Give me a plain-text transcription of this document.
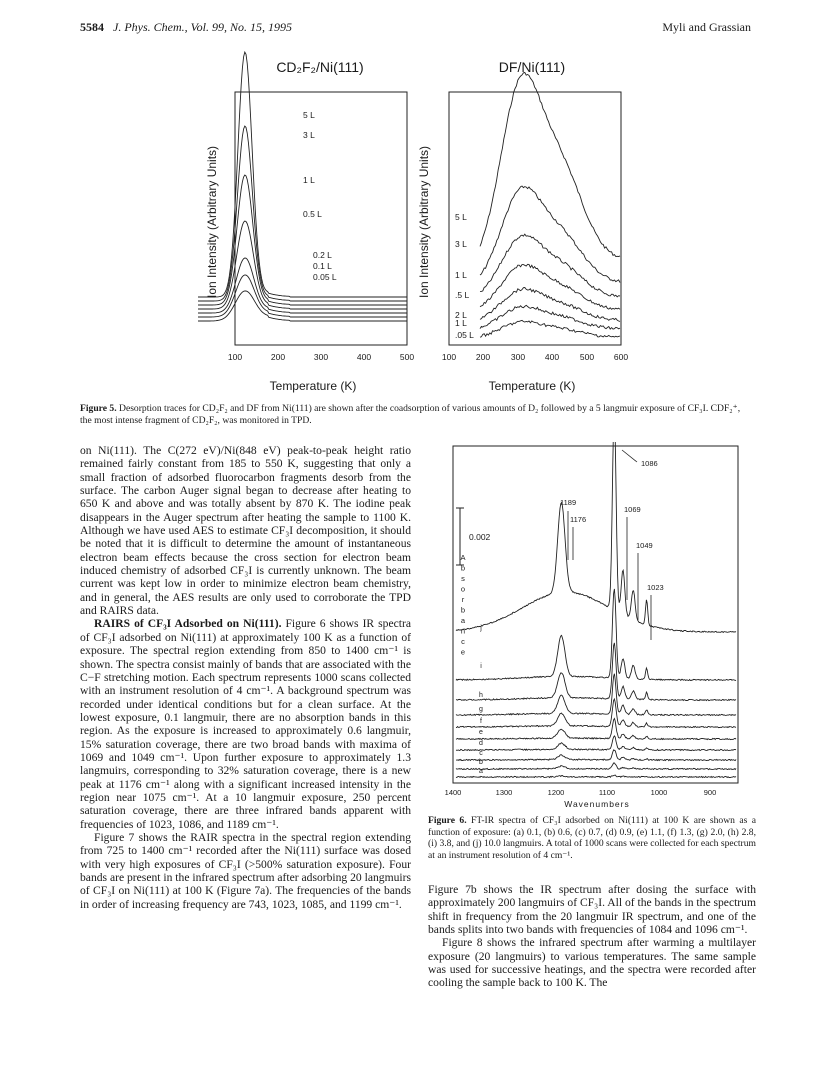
5584 J. Phys. Chem., Vol. 99, No. 15, 1995	Myli and Grassian
CD₂F₂/Ni(111)
Ion Intensity (Arbitrary Units)
100	200	300	400	500
Temperature (K)
5 L
3 L
1 L
0.5 L
0.2 L
0.1 L
0.05 L
DF/Ni(111)
Ion Intensity (Arbitrary Units)
100 200 300 400 500 600
Temperature (K)
5 L
3 L
1 L
.5 L
2 L
1 L
.05 L
Figure 5. Desorption traces for CD₂F₂ and DF from Ni(111) are shown after the coadsorption of various amounts of D₂ followed by a 5 langmuir exposure of CF₃I. CDF₂⁺, the most intense fragment of CD₂F₂, was monitored in TPD.

on Ni(111). The C(272 eV)/Ni(848 eV) peak-to-peak height ratio remained fairly constant from 185 to 550 K, suggesting that only a small fraction of adsorbed fluorocarbon fragments desorb from the surface. The carbon Auger signal began to decrease after heating to 650 K and above and was totally absent by 870 K. The iodine peak disappears in the Auger spectrum after heating the sample to 1100 K. Although we have used AES to estimate CF₃I decomposition, it should be noted that it is difficult to determine the amount of instantaneous electron beam effects because the cross section for electron beam induced chemistry of adsorbed CF₃I is currently unknown. The beam current was kept low in order to minimize electron beam chemistry, and in general, the AES results are only used to corroborate the TPD and RAIRS data.

RAIRS of CF₃I Adsorbed on Ni(111). Figure 6 shows IR spectra of CF₃I adsorbed on Ni(111) at approximately 100 K as a function of exposure. The spectral region extending from 850 to 1400 cm⁻¹ is shown. The spectra consist mainly of bands that are associated with the C−F stretching motion. Each spectrum represents 1000 scans collected with an instrument resolution of 4 cm⁻¹. A background spectrum was recorded under identical conditions but for a clean surface. At the lowest exposure, 0.1 langmuir, there are no absorption bands in this region. As the exposure is increased to approximately 0.6 langmuir, 15% saturation coverage, there are two broad bands with maxima of 1069 and 1049 cm⁻¹. Upon further exposure to approximately 1.3 langmuirs, corresponding to 32% saturation coverage, there is a new peak at 1176 cm⁻¹ along with a significant increased intensity in the region near 1075 cm⁻¹. At a 10 langmuir exposure, 250 percent saturation coverage, there are three infrared bands apparent with frequencies of 1023, 1086, and 1189 cm⁻¹.

Figure 7 shows the RAIR spectra in the spectral region extending from 725 to 1400 cm⁻¹ recorded after the Ni(111) surface was dosed with very high exposures of CF₃I (>500% saturation exposure). Four bands are present in the infrared spectrum after adsorbing 20 langmuirs of CF₃I on Ni(111) at 100 K (Figure 7a). The frequencies of the bands in order of increasing frequency are 743, 1023, 1085, and 1199 cm⁻¹.

A
b
s
o
r
b
a
n
c
e
0.002
1086
1189
1176
1069
1049
1023
j
i
h
g
f
e
d
c
b
a
1400	1300	1200	1100	1000	900
Wavenumbers
Figure 6. FT-IR spectra of CF₃I adsorbed on Ni(111) at 100 K are shown as a function of exposure: (a) 0.1, (b) 0.6, (c) 0.7, (d) 0.9, (e) 1.1, (f) 1.3, (g) 2.0, (h) 2.8, (i) 3.8, and (j) 10.0 langmuirs. A total of 1000 scans were collected for each spectrum at an instrument resolution of 4 cm⁻¹.

Figure 7b shows the IR spectrum after dosing the surface with approximately 200 langmuirs of CF₃I. All of the bands in the spectrum shift in frequency from the 20 langmuir IR spectrum, and one of the bands splits into two bands with frequencies of 1084 and 1096 cm⁻¹.

Figure 8 shows the infrared spectrum after warming a multilayer exposure (20 langmuirs) to various temperatures. The same sample was used for successive heatings, and the spectra were recorded after cooling the sample back to 100 K. The
